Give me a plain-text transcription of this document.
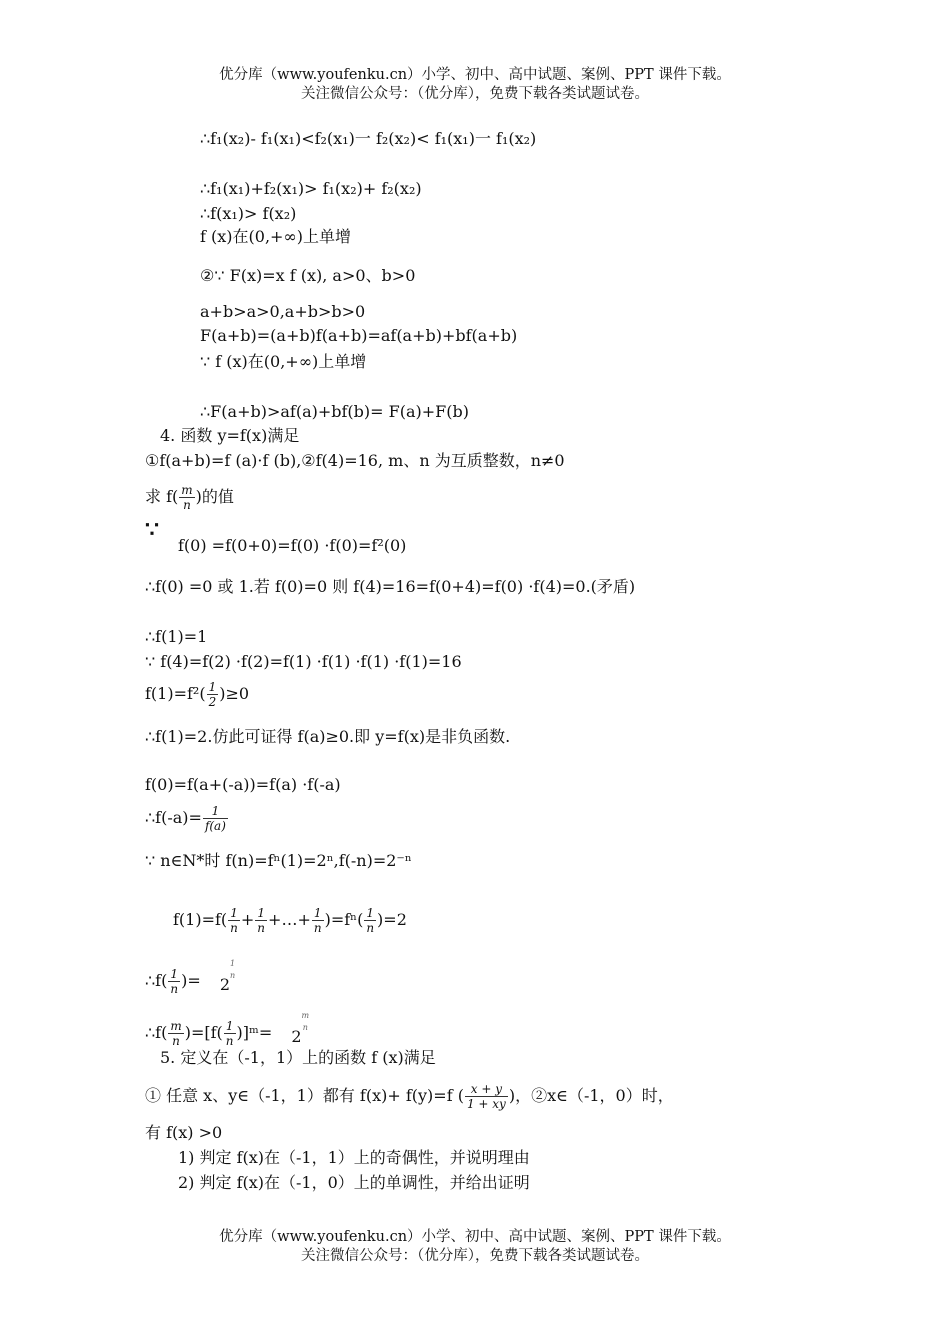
优分库（www.youfenku.cn）小学、初中、高中试题、案例、PPT 课件下载。
关注微信公众号：（优分库），免费下载各类试题试卷。
∴f₁(x₂)- f₁(x₁)<f₂(x₁)一 f₂(x₂)< f₁(x₁)一 f₁(x₂)
∴f₁(x₁)+f₂(x₁)> f₁(x₂)+ f₂(x₂)
∴f(x₁)> f(x₂)
f (x)在(0,+∞)上单增
②∵ F(x)=x f (x), a>0、b>0
a+b>a>0,a+b>b>0
F(a+b)=(a+b)f(a+b)=af(a+b)+bf(a+b)
∵ f (x)在(0,+∞)上单增
∴F(a+b)>af(a)+bf(b)= F(a)+F(b)
4. 函数 y=f(x)满足
①f(a+b)=f (a)·f (b),②f(4)=16, m、n 为互质整数，n≠0
求 $f( \frac{m}{n}$ )的值
∵
f(0) =f(0+0)=f(0) ·f(0)=f²(0)
∴f(0) =0 或 1.若 f(0)=0 则 f(4)=16=f(0+4)=f(0) ·f(4)=0.(矛盾)
∴f(1)=1
∵ f(4)=f(2) ·f(2)=f(1) ·f(1) ·f(1) ·f(1)=16
$f(1)=f^2( \frac{1}{2} )\ge 0$
∴f(1)=2.仿此可证得 f(a)≥0.即 y=f(x)是非负函数.
f(0)=f(a+(-a))=f(a) ·f(-a)
∴f(-a)= $\frac{1}{f(a)}$
∵ n∈N*时 f(n)=fⁿ(1)=2ⁿ,f(-n)=2⁻ⁿ
$f(1)=f( \frac{1}{n} + \frac{1}{n}$ +…+ $\frac{1}{n} )=f^n( \frac{1}{n} )=2$
∴f( $\frac{1}{n}$ )= 2
1
n
∴f( $\frac{m}{n} )=[f( \frac{1}{n}$ )]ᵐ= 2
m
n
5. 定义在（-1，1）上的函数 f (x)满足
① 任意 x、y∈（-1，1）都有 f(x)+ f(y)=f ( $\frac{x + y}{1 + xy}$ )，②x∈（-1，0）时，
有 f(x) >0
1) 判定 f(x)在（-1，1）上的奇偶性，并说明理由
2) 判定 f(x)在（-1，0）上的单调性，并给出证明
优分库（www.youfenku.cn）小学、初中、高中试题、案例、PPT 课件下载。
关注微信公众号：（优分库），免费下载各类试题试卷。
